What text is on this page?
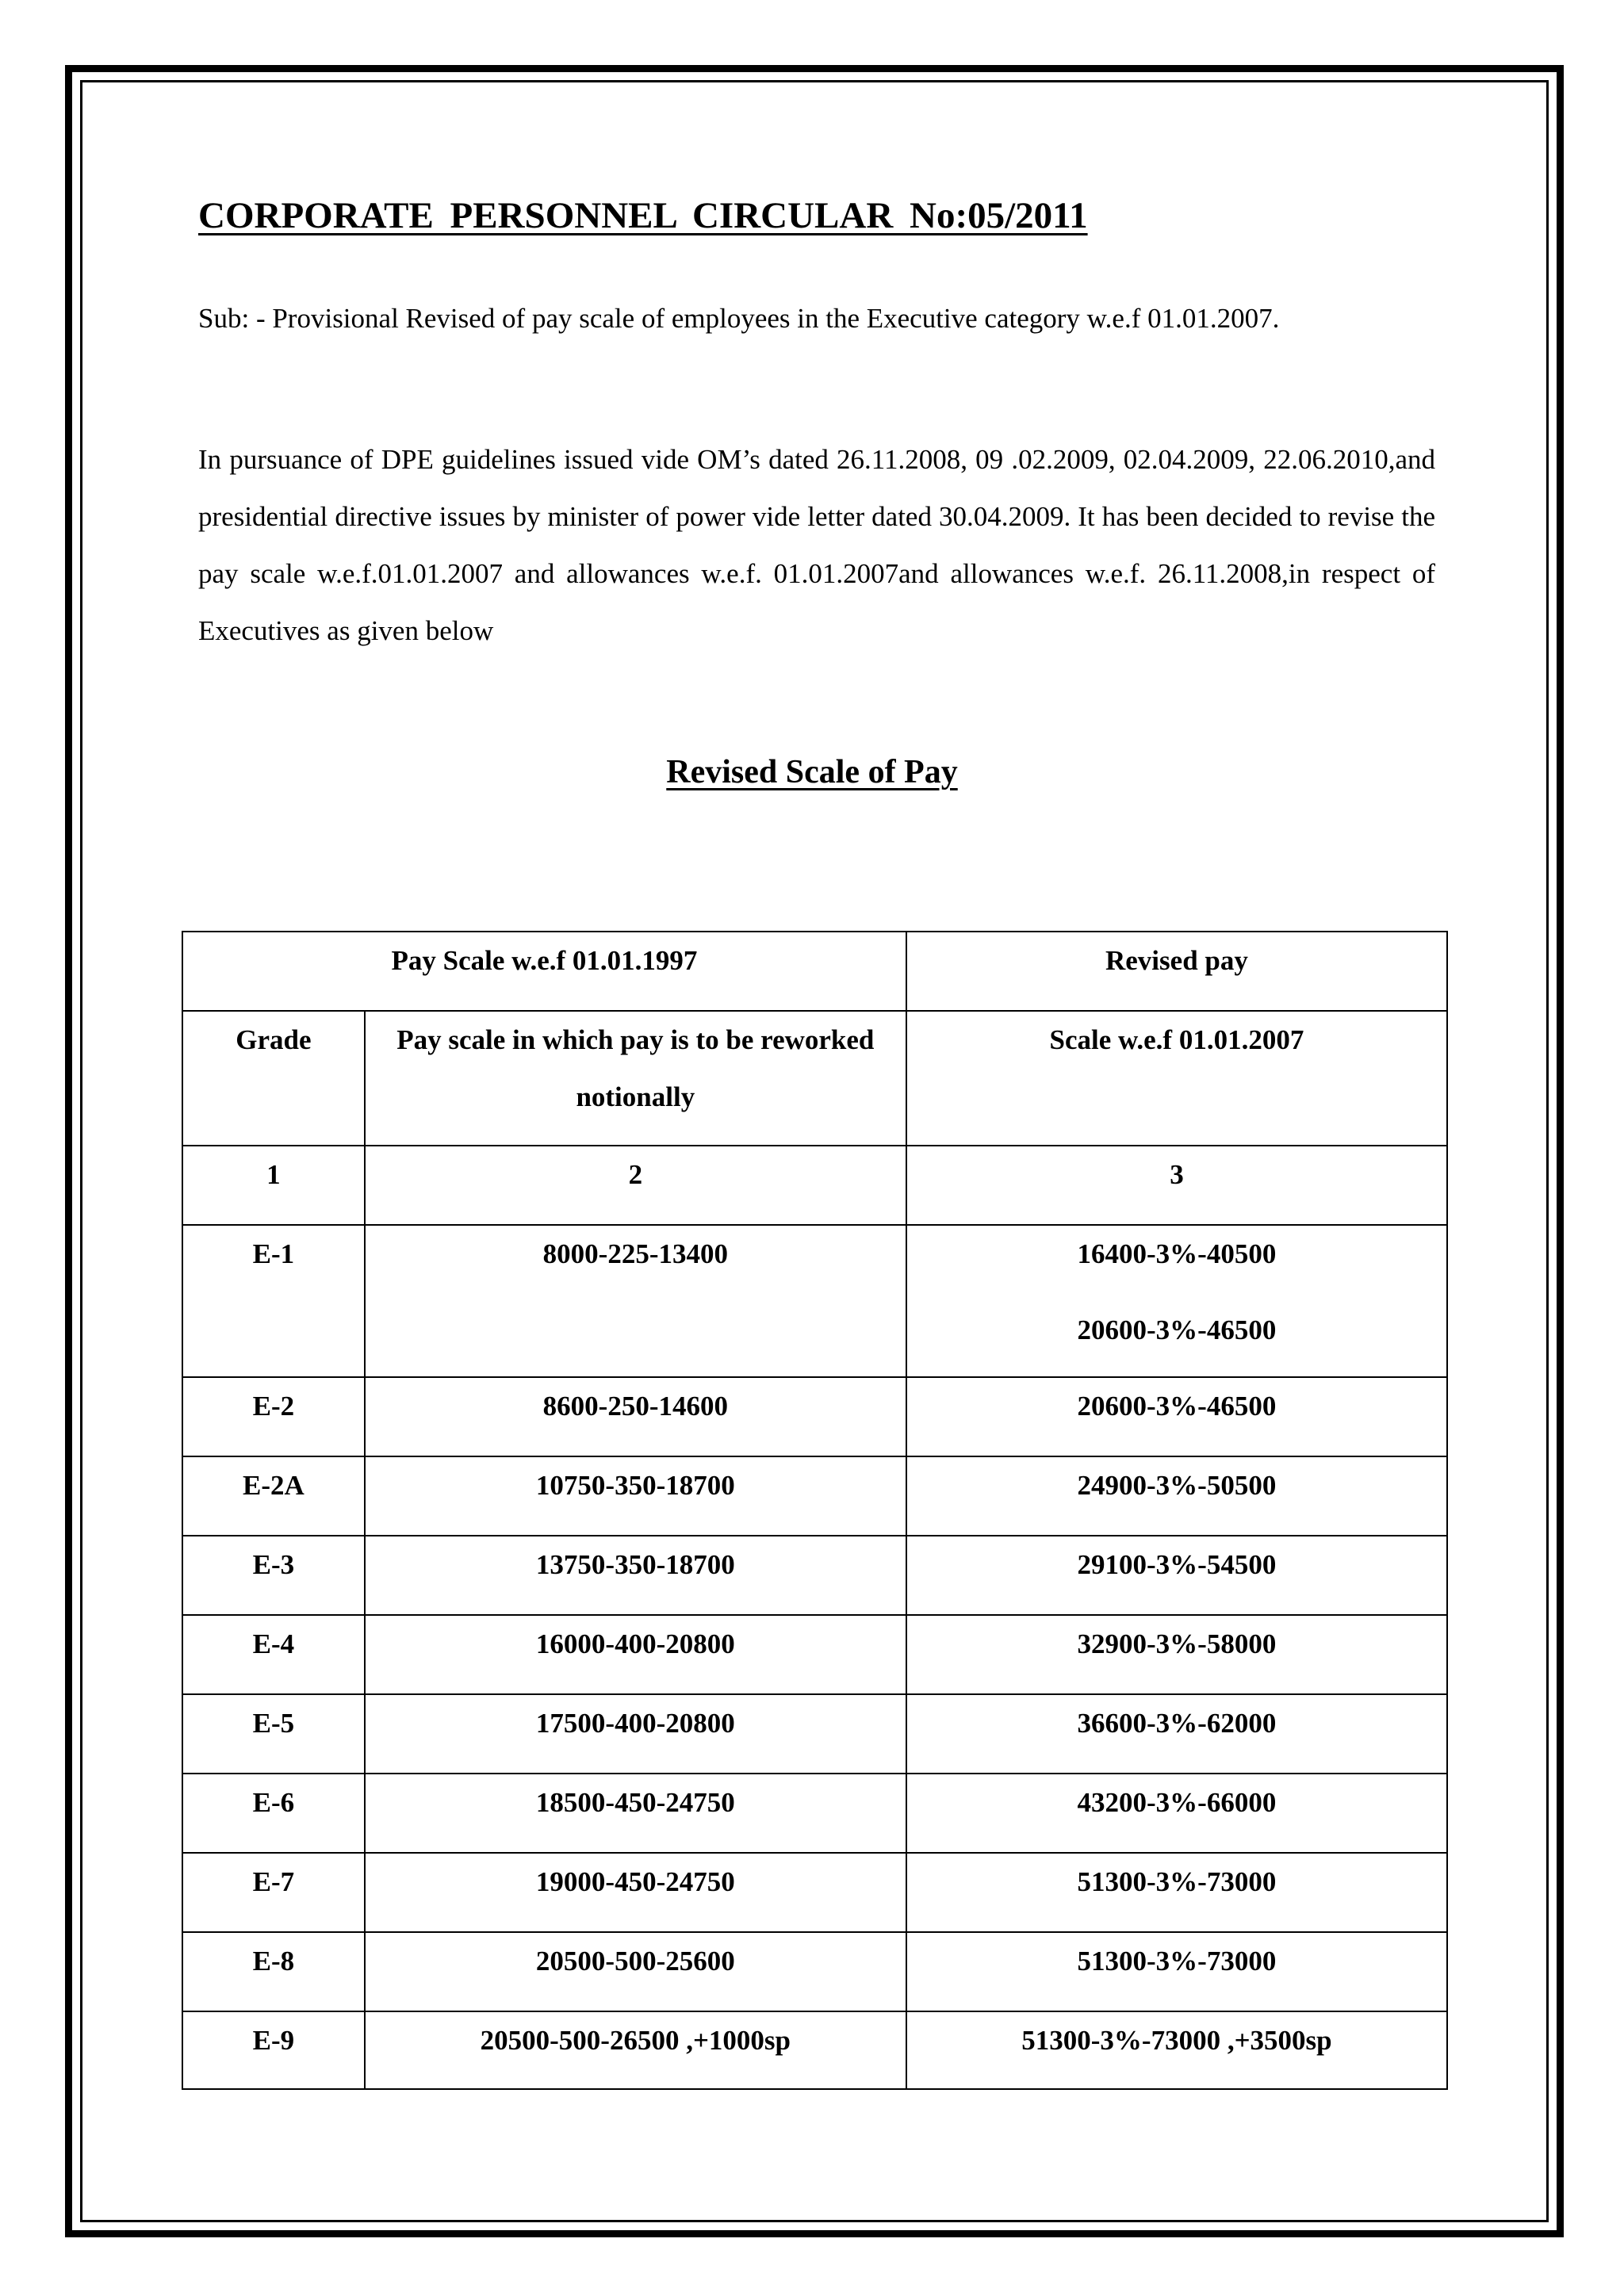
CORPORATE PERSONNEL CIRCULAR No:05/2011
Sub: - Provisional Revised of pay scale of employees in the Executive category w.e.f 01.01.2007.
In pursuance of DPE guidelines issued vide OM’s dated 26.11.2008, 09 .02.2009, 02.04.2009, 22.06.2010,and presidential directive issues by minister of power vide letter dated 30.04.2009. It has been decided to revise the pay scale w.e.f.01.01.2007 and allowances w.e.f. 01.01.2007and allowances w.e.f. 26.11.2008,in respect of Executives as given below
Revised Scale of Pay
Pay Scale w.e.f 01.01.1997		Revised pay
Grade	Pay scale in which pay is to be reworked notionally	Scale w.e.f 01.01.2007
1	2	3
E-1	8000-225-13400	16400-3%-40500
20600-3%-46500

E-2	8600-250-14600	20600-3%-46500
E-2A	10750-350-18700	24900-3%-50500
E-3	13750-350-18700	29100-3%-54500
E-4	16000-400-20800	32900-3%-58000
E-5	17500-400-20800	36600-3%-62000
E-6	18500-450-24750	43200-3%-66000
E-7	19000-450-24750	51300-3%-73000
E-8	20500-500-25600	51300-3%-73000
E-9	20500-500-26500 ,+1000sp	51300-3%-73000 ,+3500sp
